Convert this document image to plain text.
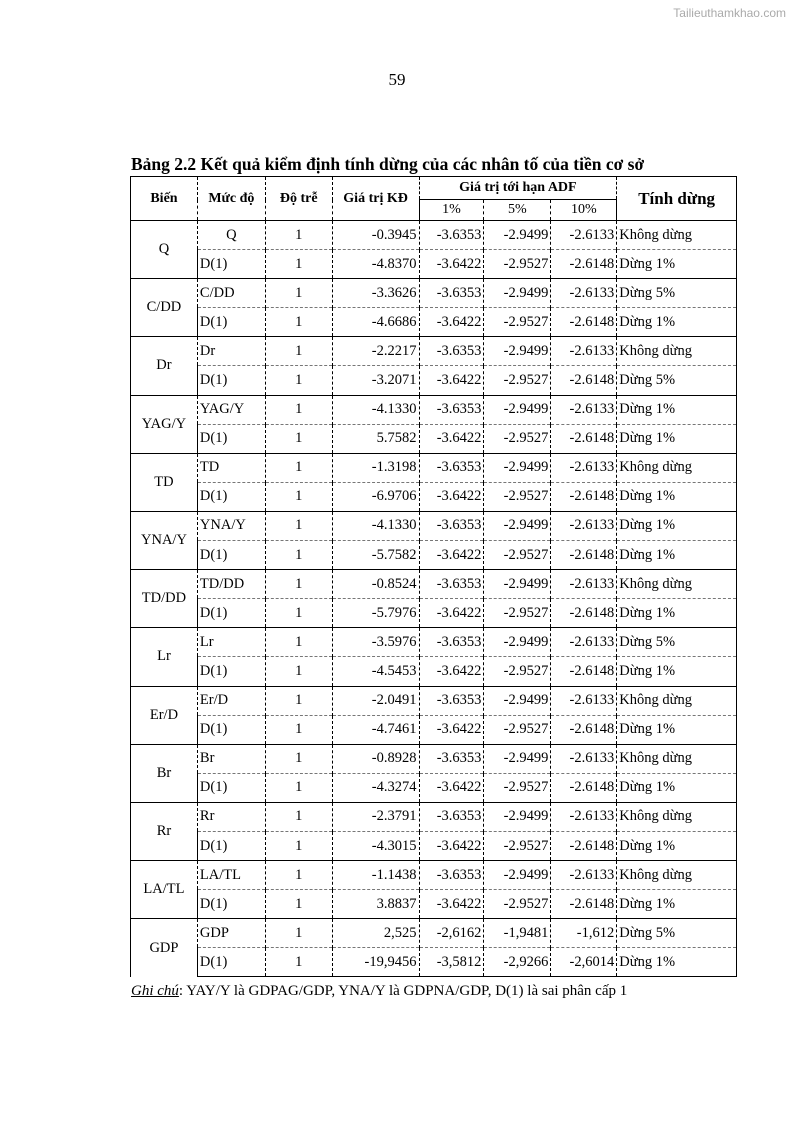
Tailieuthamkhao.com
59
Bảng 2.2 Kết quả kiểm định tính dừng của các nhân tố của tiền cơ sở
Biến	Mức độ	Độ trễ	Giá trị KĐ	Giá trị tới hạn ADF			Tính dừng
				1%	5%	10%	
Q	Q	1	-0.3945	-3.6353	-2.9499	-2.6133	Không dừng
	D(1)	1	-4.8370	-3.6422	-2.9527	-2.6148	Dừng 1%
C/DD	C/DD	1	-3.3626	-3.6353	-2.9499	-2.6133	Dừng 5%
	D(1)	1	-4.6686	-3.6422	-2.9527	-2.6148	Dừng 1%
Dr	Dr	1	-2.2217	-3.6353	-2.9499	-2.6133	Không dừng
	D(1)	1	-3.2071	-3.6422	-2.9527	-2.6148	Dừng 5%
YAG/Y	YAG/Y	1	-4.1330	-3.6353	-2.9499	-2.6133	Dừng 1%
	D(1)	1	5.7582	-3.6422	-2.9527	-2.6148	Dừng 1%
TD	TD	1	-1.3198	-3.6353	-2.9499	-2.6133	Không dừng
	D(1)	1	-6.9706	-3.6422	-2.9527	-2.6148	Dừng 1%
YNA/Y	YNA/Y	1	-4.1330	-3.6353	-2.9499	-2.6133	Dừng 1%
	D(1)	1	-5.7582	-3.6422	-2.9527	-2.6148	Dừng 1%
TD/DD	TD/DD	1	-0.8524	-3.6353	-2.9499	-2.6133	Không dừng
	D(1)	1	-5.7976	-3.6422	-2.9527	-2.6148	Dừng 1%
Lr	Lr	1	-3.5976	-3.6353	-2.9499	-2.6133	Dừng 5%
	D(1)	1	-4.5453	-3.6422	-2.9527	-2.6148	Dừng 1%
Er/D	Er/D	1	-2.0491	-3.6353	-2.9499	-2.6133	Không dừng
	D(1)	1	-4.7461	-3.6422	-2.9527	-2.6148	Dừng 1%
Br	Br	1	-0.8928	-3.6353	-2.9499	-2.6133	Không dừng
	D(1)	1	-4.3274	-3.6422	-2.9527	-2.6148	Dừng 1%
Rr	Rr	1	-2.3791	-3.6353	-2.9499	-2.6133	Không dừng
	D(1)	1	-4.3015	-3.6422	-2.9527	-2.6148	Dừng 1%
LA/TL	LA/TL	1	-1.1438	-3.6353	-2.9499	-2.6133	Không dừng
	D(1)	1	3.8837	-3.6422	-2.9527	-2.6148	Dừng 1%
GDP	GDP	1	2,525	-2,6162	-1,9481	-1,612	Dừng 5%
	D(1)	1	-19,9456	-3,5812	-2,9266	-2,6014	Dừng 1%
Ghi chú: YAY/Y là GDPAG/GDP, YNA/Y là GDPNA/GDP, D(1) là sai phân cấp 1
